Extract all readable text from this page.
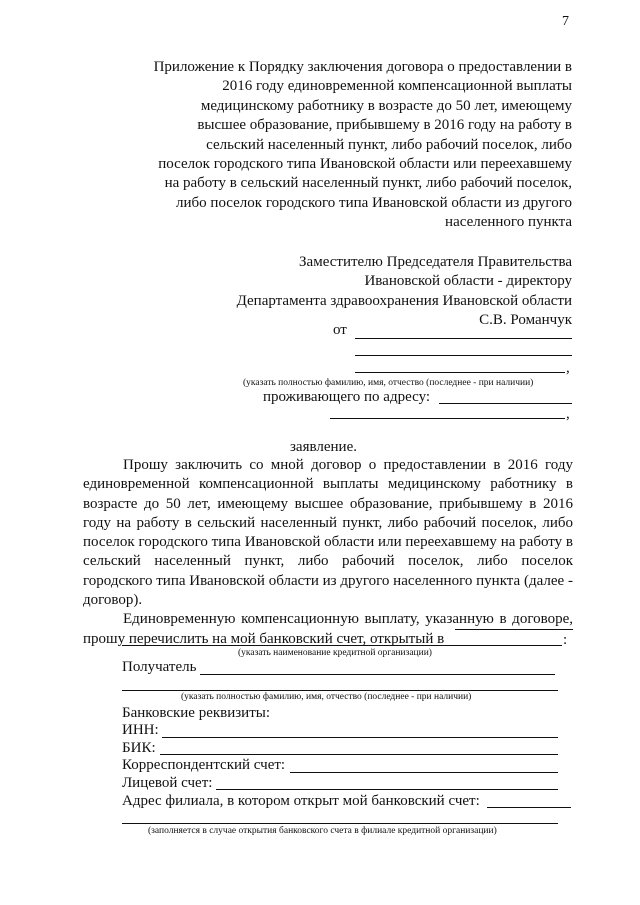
7
Приложение к Порядку заключения договора о предоставлении в 2016 году единовременной компенсационной выплаты медицинскому работнику в возрасте до 50 лет, имеющему высшее образование, прибывшему в 2016 году на работу в сельский населенный пункт, либо рабочий поселок, либо поселок городского типа Ивановской области или переехавшему на работу в сельский населенный пункт, либо рабочий поселок, либо поселок городского типа Ивановской области из другого населенного пункта
Заместителю Председателя Правительства
Ивановской области - директору
Департамента здравоохранения Ивановской области
С.В. Романчук
от
,
(указать полностью фамилию, имя, отчество (последнее - при наличии)
проживающего по адресу:
,
заявление.

Прошу заключить со мной договор о предоставлении в 2016 году единовременной компенсационной выплаты медицинскому работнику в возрасте до 50 лет, имеющему высшее образование, прибывшему в 2016 году на работу в сельский населенный пункт, либо рабочий поселок, либо поселок городского типа Ивановской области или переехавшему на работу в сельский населенный пункт, либо рабочий поселок, либо поселок городского типа Ивановской области из другого населенного пункта (далее - договор).

Единовременную компенсационную выплату, указанную в договоре, прошу перечислить на мой банковский счет, открытый в	:
(указать наименование кредитной организации)
Получатель
(указать полностью фамилию, имя, отчество (последнее - при наличии)
Банковские реквизиты:
ИНН:
БИК:
Корреспондентский счет:
Лицевой счет:
Адрес филиала, в котором открыт мой банковский счет:
(заполняется в случае открытия банковского счета в филиале кредитной организации)
